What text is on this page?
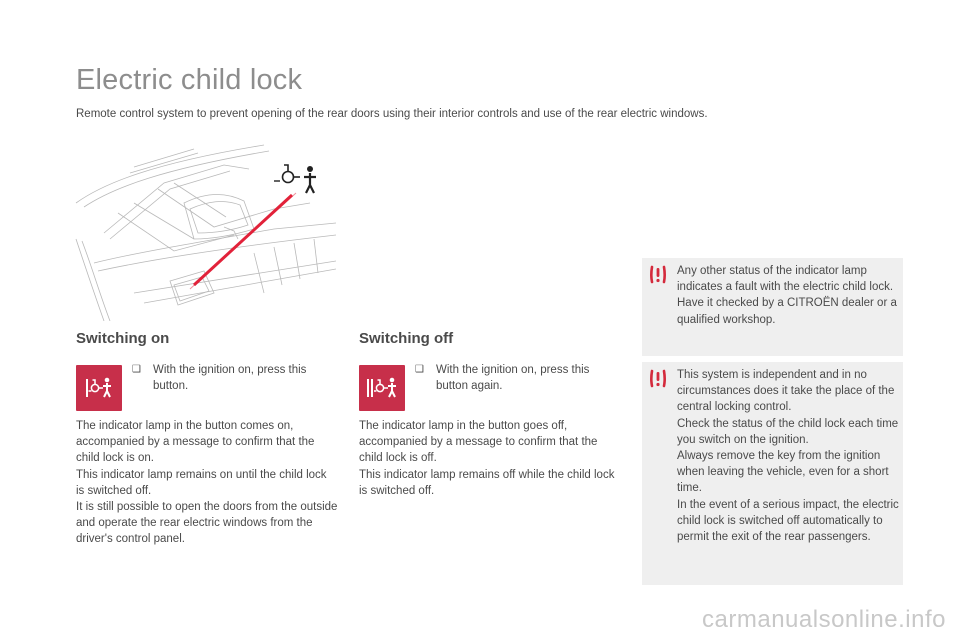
Electric child lock
Remote control system to prevent opening of the rear doors using their interior controls and use of the rear electric windows.
Switching on	Switching off
❑	With the ignition on, press this button.
❑	With the ignition on, press this button again.

The indicator lamp in the button comes on, accompanied by a message to confirm that the child lock is on.

This indicator lamp remains on until the child lock is switched off.

It is still possible to open the doors from the outside and operate the rear electric windows from the driver's control panel.

The indicator lamp in the button goes off, accompanied by a message to confirm that the child lock is off.

This indicator lamp remains off while the child lock is switched off.

Any other status of the indicator lamp indicates a fault with the electric child lock.

Have it checked by a CITROËN dealer or a qualified workshop.

This system is independent and in no circumstances does it take the place of the central locking control.

Check the status of the child lock each time you switch on the ignition.

Always remove the key from the ignition when leaving the vehicle, even for a short time.

In the event of a serious impact, the electric child lock is switched off automatically to permit the exit of the rear passengers.

carmanualsonline.info
